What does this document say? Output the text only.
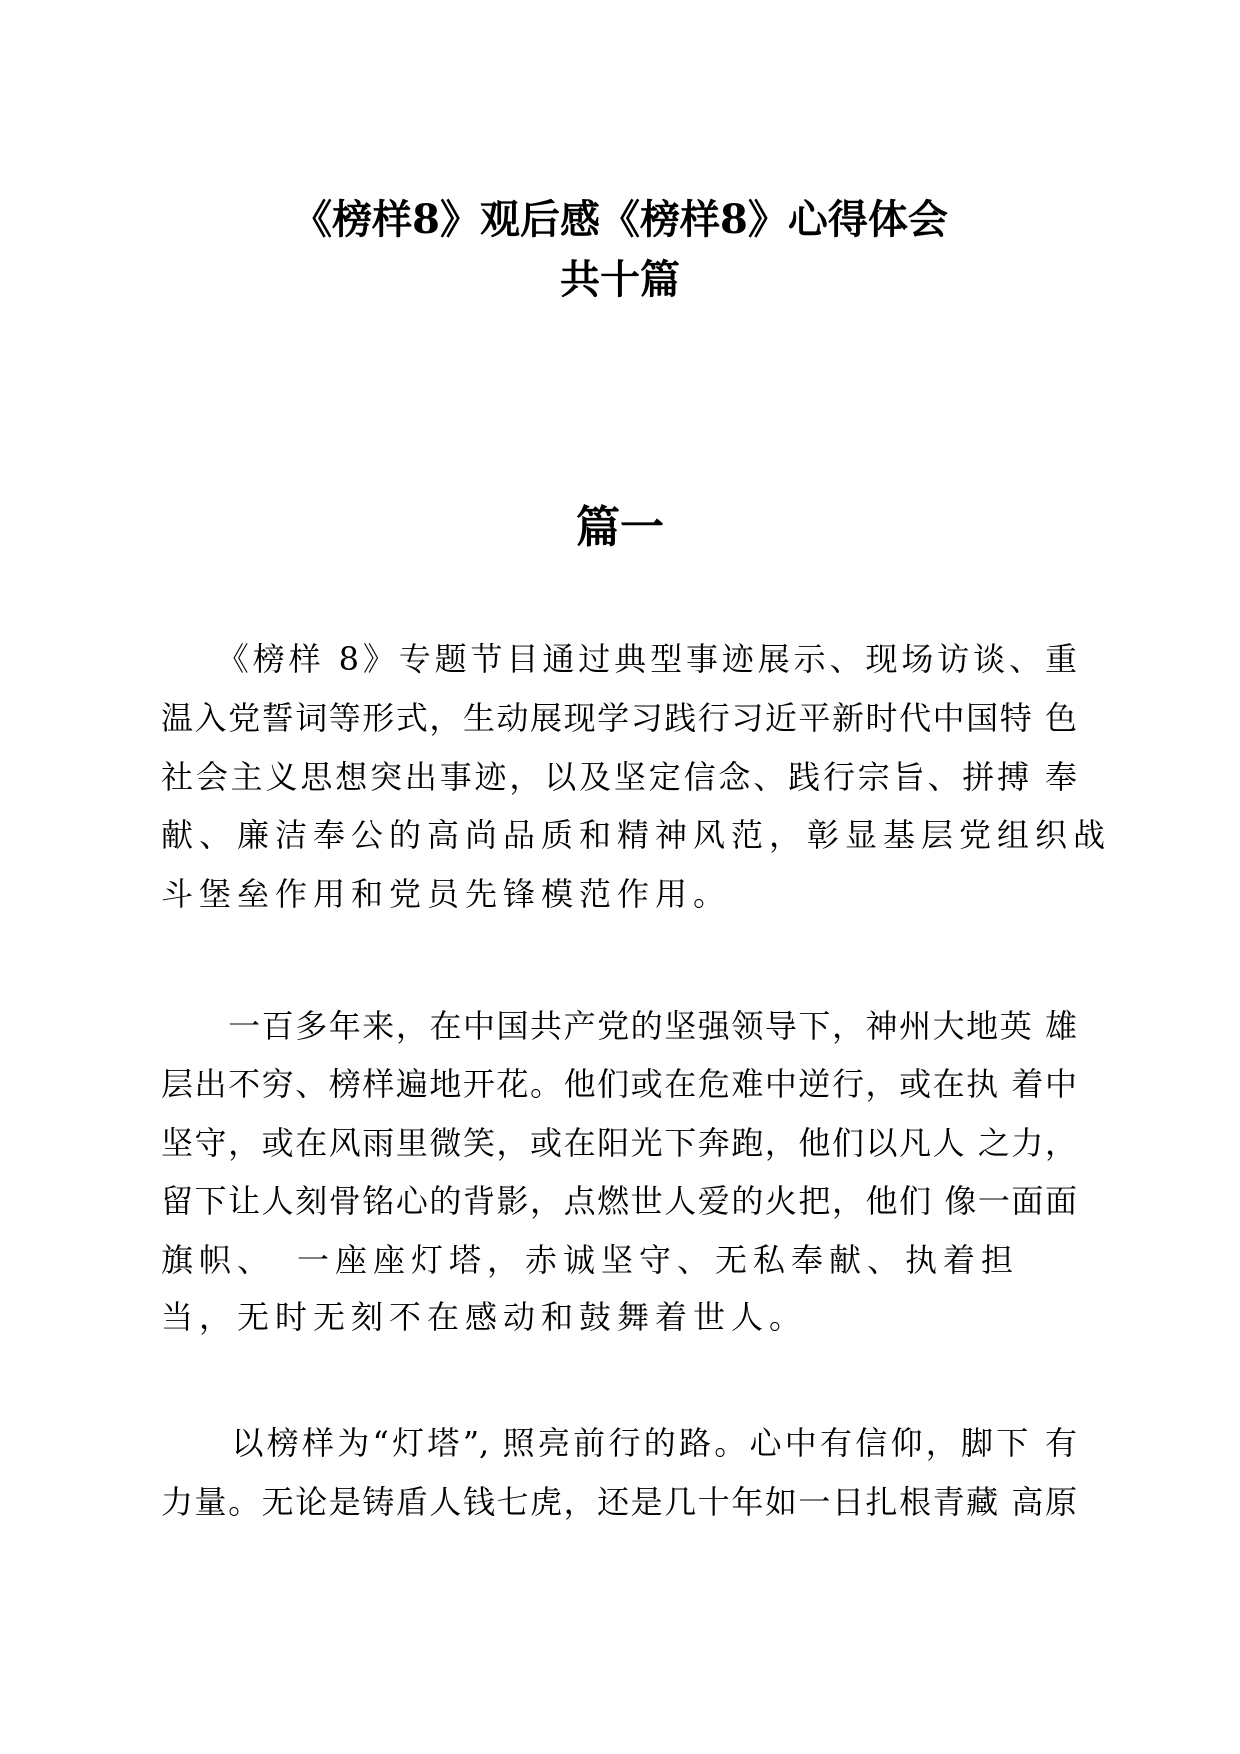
《榜样8》观后感《榜样8》心得体会
共十篇
篇一
　　《榜样 8》专题节目通过典型事迹展示、现场访谈、重
温入党誓词等形式，生动展现学习践行习近平新时代中国特 色
社会主义思想突出事迹，以及坚定信念、践行宗旨、拼搏 奉
献、廉洁奉公的高尚品质和精神风范，彰显基层党组织战
斗堡垒作用和党员先锋模范作用。
　　一百多年来，在中国共产党的坚强领导下，神州大地英 雄
层出不穷、榜样遍地开花。他们或在危难中逆行，或在执 着中
坚守，或在风雨里微笑，或在阳光下奔跑，他们以凡人 之力，
留下让人刻骨铭心的背影，点燃世人爱的火把，他们 像一面面
旗帜、　一座座灯塔，赤诚坚守、无私奉献、执着担
当，无时无刻不在感动和鼓舞着世人。
　　以榜样为“灯塔”, 照亮前行的路。心中有信仰，脚下 有
力量。无论是铸盾人钱七虎，还是几十年如一日扎根青藏 高原
